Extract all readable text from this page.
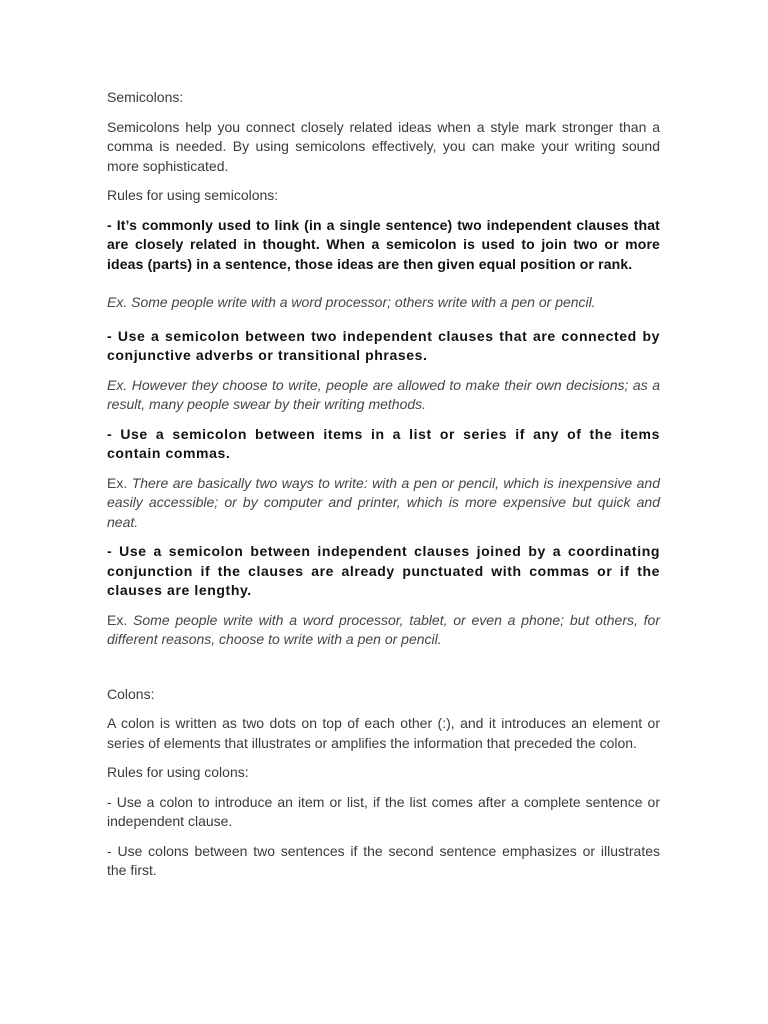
Semicolons:

Semicolons help you connect closely related ideas when a style mark stronger than a comma is needed. By using semicolons effectively, you can make your writing sound more sophisticated.

Rules for using semicolons:

- It’s commonly used to link (in a single sentence) two independent clauses that are closely related in thought. When a semicolon is used to join two or more ideas (parts) in a sentence, those ideas are then given equal position or rank.

Ex. Some people write with a word processor; others write with a pen or pencil.

- Use a semicolon between two independent clauses that are connected by conjunctive adverbs or transitional phrases.

Ex. However they choose to write, people are allowed to make their own decisions; as a result, many people swear by their writing methods.

- Use a semicolon between items in a list or series if any of the items contain commas.

Ex. There are basically two ways to write: with a pen or pencil, which is inexpensive and easily accessible; or by computer and printer, which is more expensive but quick and neat.

- Use a semicolon between independent clauses joined by a coordinating conjunction if the clauses are already punctuated with commas or if the clauses are lengthy.

Ex. Some people write with a word processor, tablet, or even a phone; but others, for different reasons, choose to write with a pen or pencil.

Colons:

A colon is written as two dots on top of each other (:), and it introduces an element or series of elements that illustrates or amplifies the information that preceded the colon.

Rules for using colons:

- Use a colon to introduce an item or list, if the list comes after a complete sentence or independent clause.

- Use colons between two sentences if the second sentence emphasizes or illustrates the first.
